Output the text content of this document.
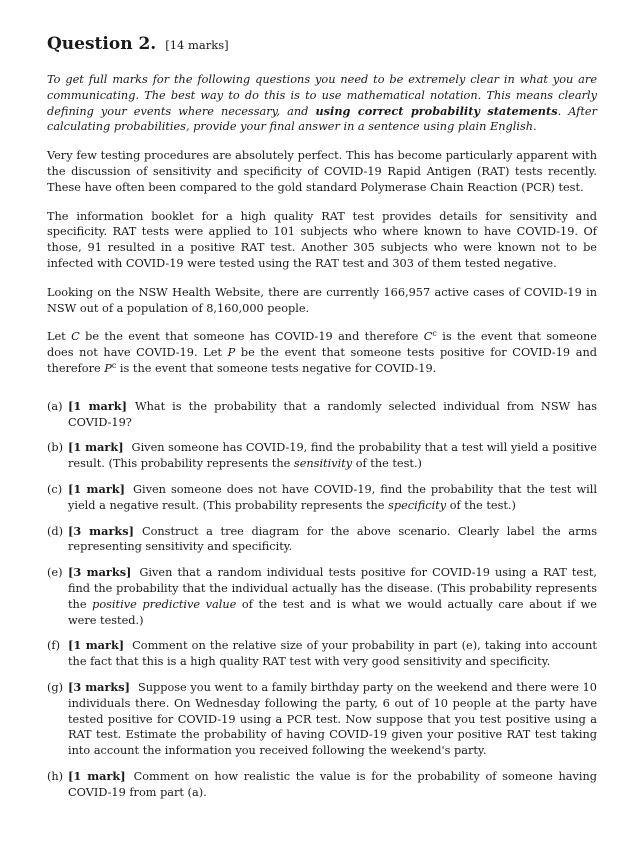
Question 2. [14 marks]

To get full marks for the following questions you need to be extremely clear in what you are communicating. The best way to do this is to use mathematical notation. This means clearly defining your events where necessary, and using correct probability statements. After calculating probabilities, provide your final answer in a sentence using plain English.

Very few testing procedures are absolutely perfect. This has become particularly apparent with the discussion of sensitivity and specificity of COVID-19 Rapid Antigen (RAT) tests recently. These have often been compared to the gold standard Polymerase Chain Reaction (PCR) test.

The information booklet for a high quality RAT test provides details for sensitivity and specificity. RAT tests were applied to 101 subjects who where known to have COVID-19. Of those, 91 resulted in a positive RAT test. Another 305 subjects who were known not to be infected with COVID-19 were tested using the RAT test and 303 of them tested negative.

Looking on the NSW Health Website, there are currently 166,957 active cases of COVID-19 in NSW out of a population of 8,160,000 people.

Let C be the event that someone has COVID-19 and therefore $C^c$ is the event that someone does not have COVID-19. Let P be the event that someone tests positive for COVID-19 and therefore $P^c$ is the event that someone tests negative for COVID-19.

(a) [1 mark] What is the probability that a randomly selected individual from NSW has COVID-19?
(b) [1 mark] Given someone has COVID-19, find the probability that a test will yield a positive result. (This probability represents the sensitivity of the test.)
(c) [1 mark] Given someone does not have COVID-19, find the probability that the test will yield a negative result. (This probability represents the specificity of the test.)
(d) [3 marks] Construct a tree diagram for the above scenario. Clearly label the arms representing sensitivity and specificity.
(e) [3 marks] Given that a random individual tests positive for COVID-19 using a RAT test, find the probability that the individual actually has the disease. (This probability represents the positive predictive value of the test and is what we would actually care about if we were tested.)
(f) [1 mark] Comment on the relative size of your probability in part (e), taking into account the fact that this is a high quality RAT test with very good sensitivity and specificity.
(g) [3 marks] Suppose you went to a family birthday party on the weekend and there were 10 individuals there. On Wednesday following the party, 6 out of 10 people at the party have tested positive for COVID-19 using a PCR test. Now suppose that you test positive using a RAT test. Estimate the probability of having COVID-19 given your positive RAT test taking into account the information you received following the weekend's party.
(h) [1 mark] Comment on how realistic the value is for the probability of someone having COVID-19 from part (a).
